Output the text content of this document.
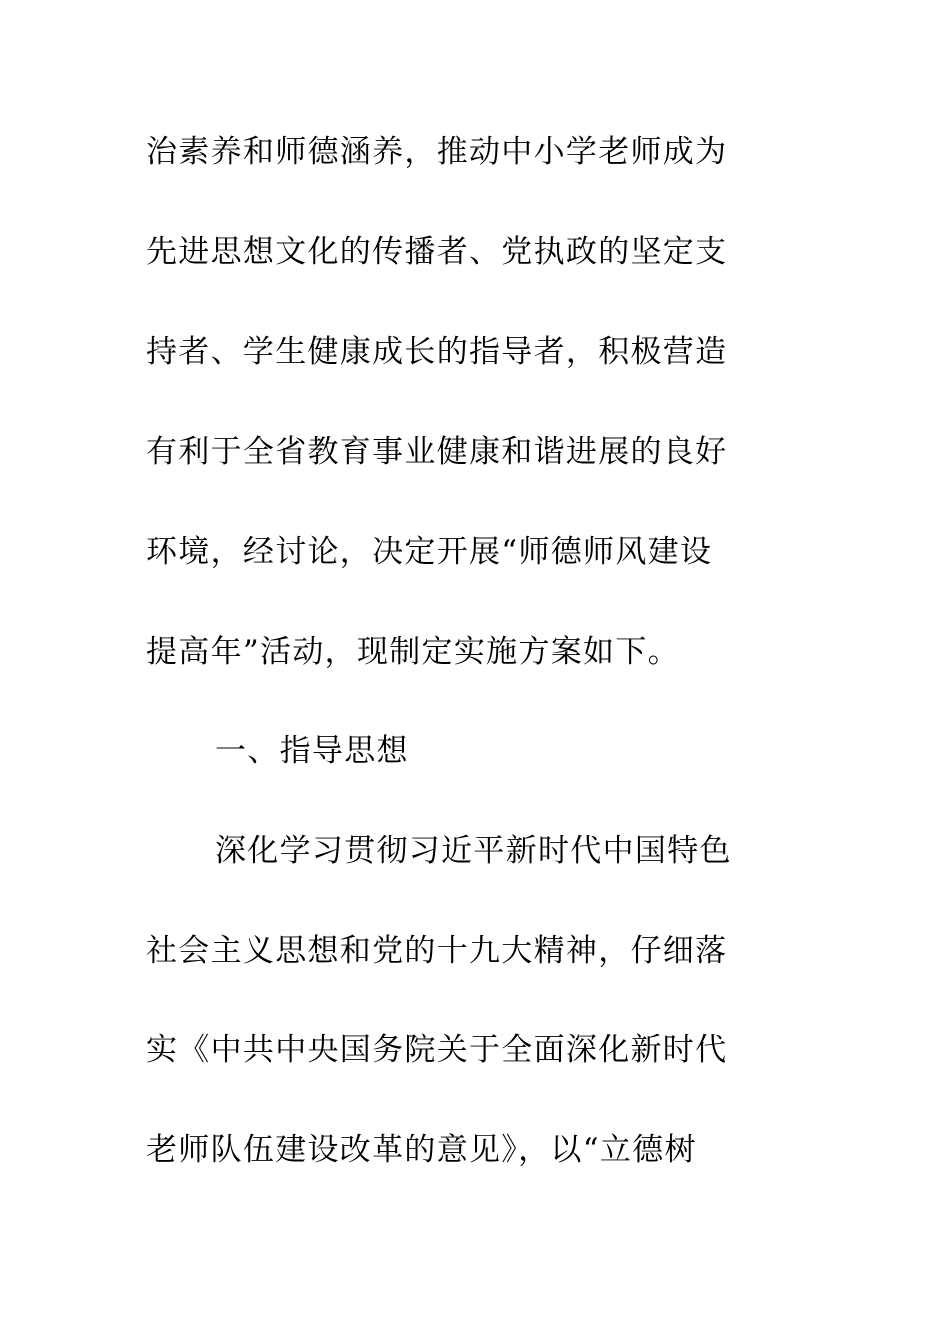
治素养和师德涵养，推动中小学老师成为
先进思想文化的传播者、党执政的坚定支
持者、学生健康成长的指导者，积极营造
有利于全省教育事业健康和谐进展的良好
环境，经讨论，决定开展“师德师风建设
提高年”活动，现制定实施方案如下。
一、指导思想
深化学习贯彻习近平新时代中国特色
社会主义思想和党的十九大精神，仔细落
实《中共中央国务院关于全面深化新时代
老师队伍建设改革的意见》，以“立德树
